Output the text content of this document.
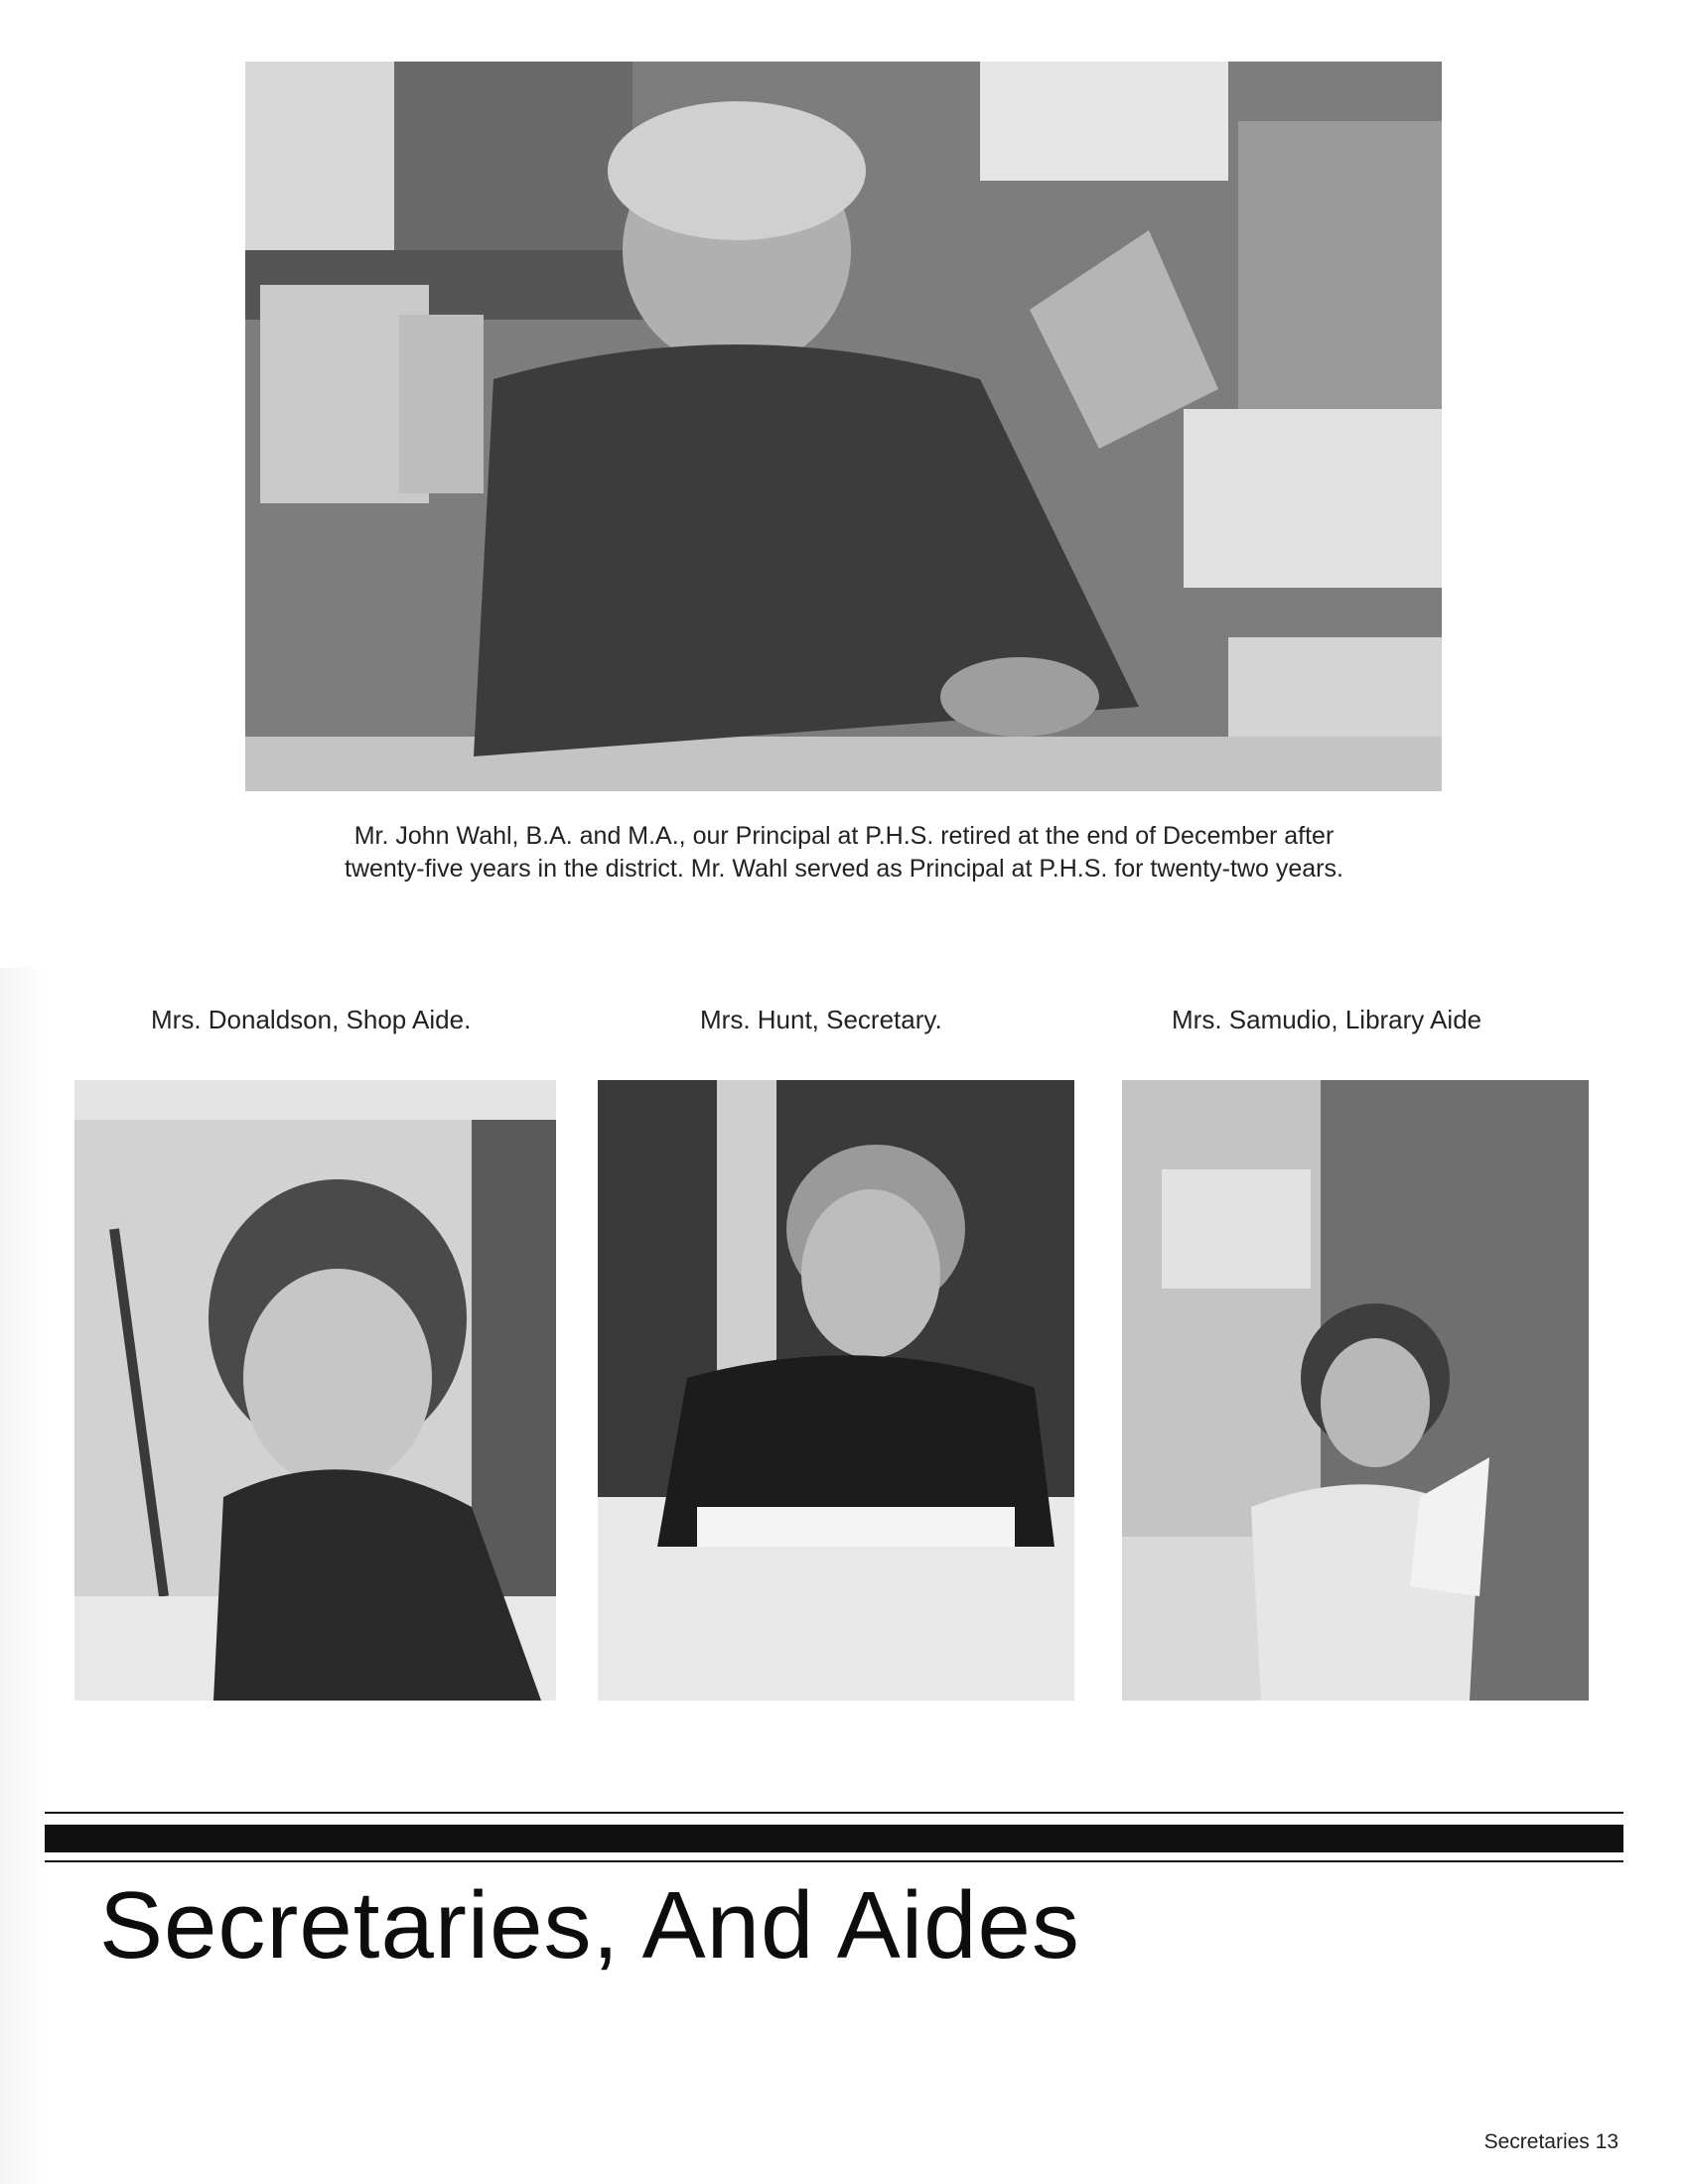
Mr. John Wahl, B.A. and M.A., our Principal at P.H.S. retired at the end of December after
twenty-five years in the district. Mr. Wahl served as Principal at P.H.S. for twenty-two years.
Mrs. Donaldson, Shop Aide.	Mrs. Hunt, Secretary.	Mrs. Samudio, Library Aide
Secretaries, And Aides
Secretaries 13
